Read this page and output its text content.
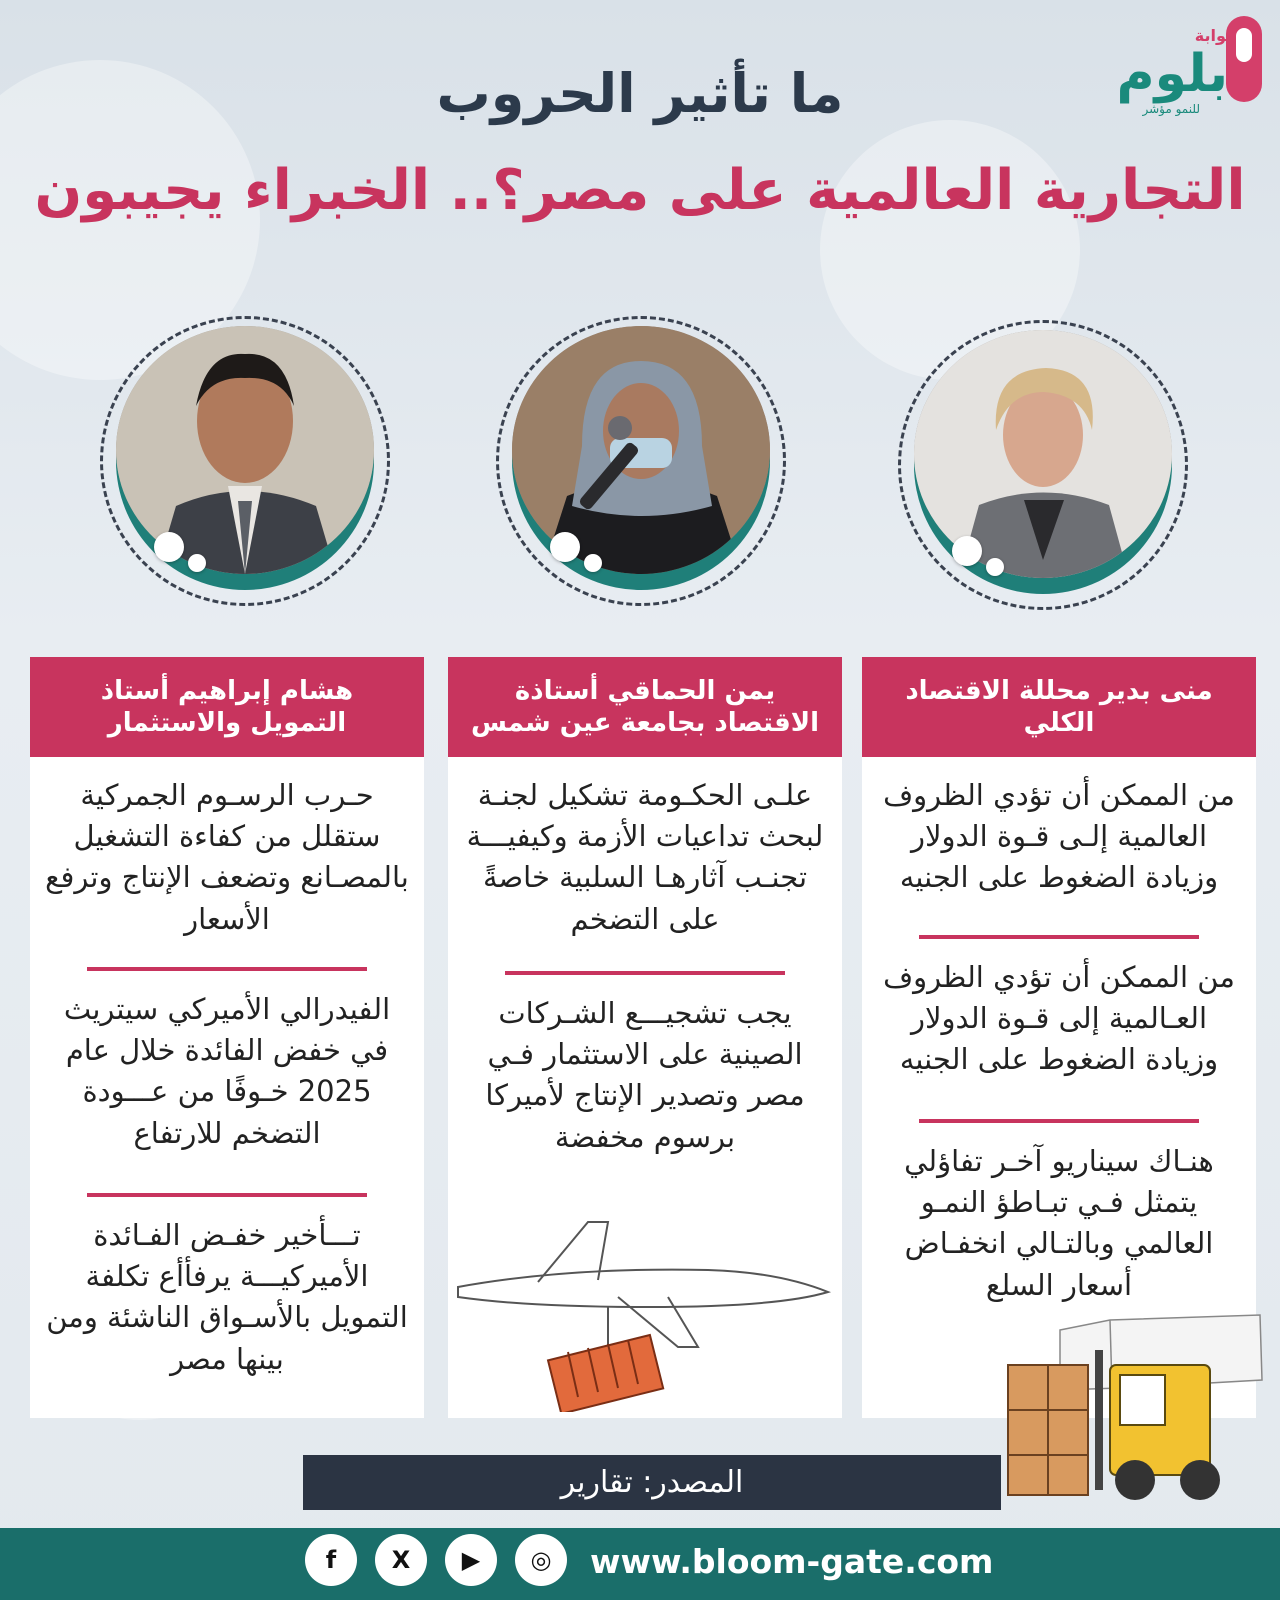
بوابة
بلوم
للنمو مؤشر
ما تأثير الحروب
التجارية العالمية على مصر؟.. الخبراء يجيبون
منى بدير محللة الاقتصاد الكلي
من الممكن أن تؤدي الظروف العالمية إلـى قـوة الدولار وزيادة الضغوط على الجنيه
من الممكن أن تؤدي الظروف العـالمية إلى قـوة الدولار وزيادة الضغوط على الجنيه
هنـاك سيناريو آخـر تفاؤلي يتمثل فـي تبـاطؤ النمـو العالمي وبالتـالي انخفـاض أسعار السلع
يمن الحماقي أستاذة الاقتصاد بجامعة عين شمس
علـى الحكـومة تشكيل لجنـة لبحث تداعيات الأزمة وكيفيـــة تجنـب آثارهـا السلبية خاصةً على التضخم
يجب تشجيـــع الشـركات الصينية على الاستثمار فـي مصر وتصدير الإنتاج لأميركا برسوم مخفضة
هشام إبراهيم أستاذ التمويل والاستثمار
حـرب الرسـوم الجمركية ستقلل من كفاءة التشغيل بالمصـانع وتضعف الإنتاج وترفع الأسعار
الفيدرالي الأميركي سيتريث في خفض الفائدة خلال عام 2025 خـوفًا من عـــودة التضخم للارتفاع
تـــأخير خفـض الفـائدة الأميركيـــة يرفأأع تكلفة التمويل بالأسـواق الناشئة ومن بينها مصر
المصدر: تقارير
www.bloom-gate.com
f X ▶ ◎
